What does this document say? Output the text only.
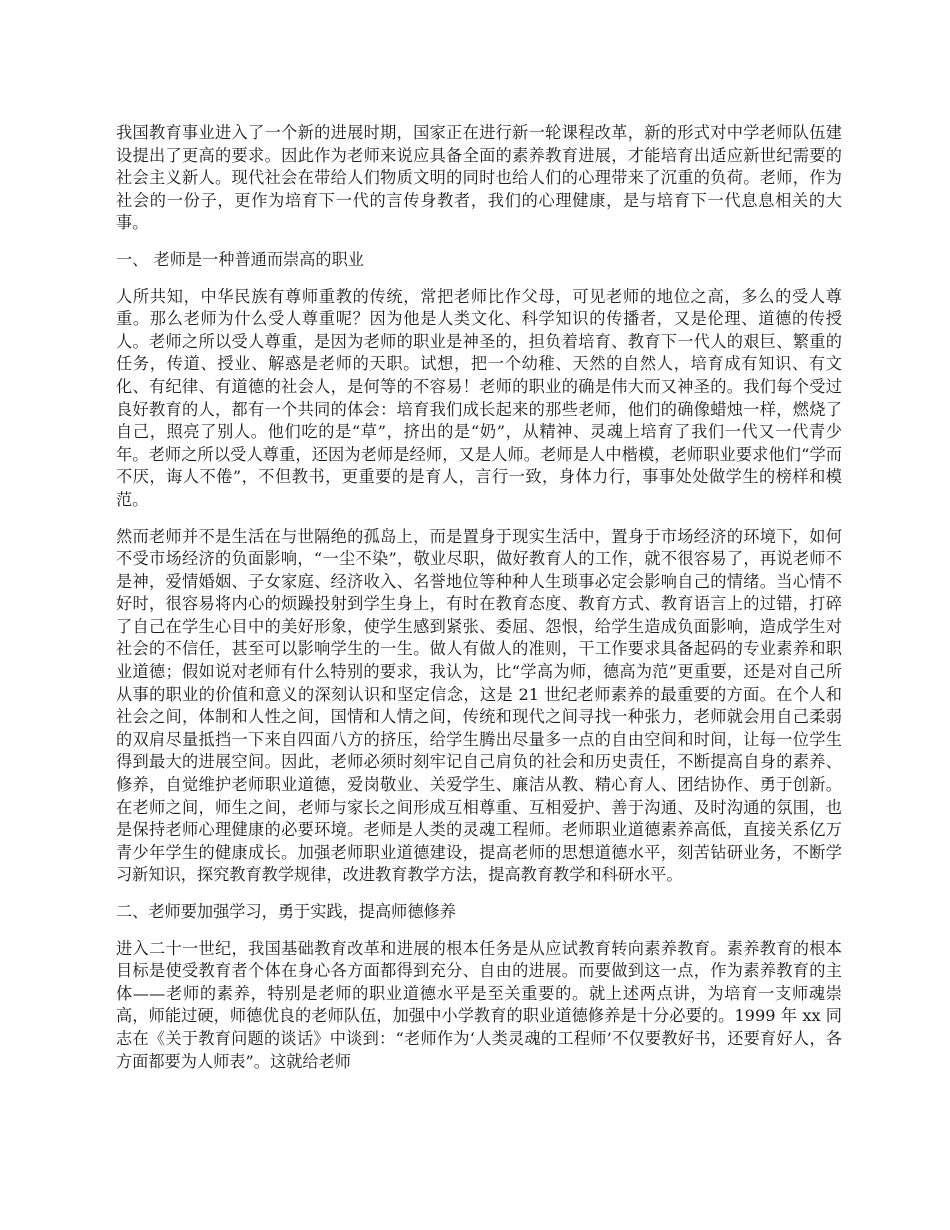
我国教育事业进入了一个新的进展时期，国家正在进行新一轮课程改革，新的形式对中学老师队伍建设提出了更高的要求。因此作为老师来说应具备全面的素养教育进展，才能培育出适应新世纪需要的社会主义新人。现代社会在带给人们物质文明的同时也给人们的心理带来了沉重的负荷。老师，作为社会的一份子，更作为培育下一代的言传身教者，我们的心理健康，是与培育下一代息息相关的大事。

一、 老师是一种普通而崇高的职业

人所共知，中华民族有尊师重教的传统，常把老师比作父母，可见老师的地位之高，多么的受人尊重。那么老师为什么受人尊重呢？因为他是人类文化、科学知识的传播者，又是伦理、道德的传授人。老师之所以受人尊重，是因为老师的职业是神圣的，担负着培育、教育下一代人的艰巨、繁重的任务，传道、授业、解惑是老师的天职。试想，把一个幼稚、天然的自然人，培育成有知识、有文化、有纪律、有道德的社会人，是何等的不容易！老师的职业的确是伟大而又神圣的。我们每个受过良好教育的人，都有一个共同的体会：培育我们成长起来的那些老师，他们的确像蜡烛一样，燃烧了自己，照亮了别人。他们吃的是“草”，挤出的是“奶”，从精神、灵魂上培育了我们一代又一代青少年。老师之所以受人尊重，还因为老师是经师，又是人师。老师是人中楷模，老师职业要求他们“学而不厌，诲人不倦”，不但教书，更重要的是育人，言行一致，身体力行，事事处处做学生的榜样和模范。

然而老师并不是生活在与世隔绝的孤岛上，而是置身于现实生活中，置身于市场经济的环境下，如何不受市场经济的负面影响，“一尘不染”，敬业尽职，做好教育人的工作，就不很容易了，再说老师不是神，爱情婚姻、子女家庭、经济收入、名誉地位等种种人生琐事必定会影响自己的情绪。当心情不好时，很容易将内心的烦躁投射到学生身上，有时在教育态度、教育方式、教育语言上的过错，打碎了自己在学生心目中的美好形象，使学生感到紧张、委屈、怨恨，给学生造成负面影响，造成学生对社会的不信任，甚至可以影响学生的一生。做人有做人的准则，干工作要求具备起码的专业素养和职业道德；假如说对老师有什么特别的要求，我认为，比“学高为师，德高为范”更重要，还是对自己所从事的职业的价值和意义的深刻认识和坚定信念，这是 21 世纪老师素养的最重要的方面。在个人和社会之间，体制和人性之间，国情和人情之间，传统和现代之间寻找一种张力，老师就会用自己柔弱的双肩尽量抵挡一下来自四面八方的挤压，给学生腾出尽量多一点的自由空间和时间，让每一位学生得到最大的进展空间。因此，老师必须时刻牢记自己肩负的社会和历史责任，不断提高自身的素养、修养，自觉维护老师职业道德，爱岗敬业、关爱学生、廉洁从教、精心育人、团结协作、勇于创新。在老师之间，师生之间，老师与家长之间形成互相尊重、互相爱护、善于沟通、及时沟通的氛围，也是保持老师心理健康的必要环境。老师是人类的灵魂工程师。老师职业道德素养高低，直接关系亿万青少年学生的健康成长。加强老师职业道德建设，提高老师的思想道德水平，刻苦钻研业务，不断学习新知识，探究教育教学规律，改进教育教学方法，提高教育教学和科研水平。

二、老师要加强学习，勇于实践，提高师德修养

进入二十一世纪，我国基础教育改革和进展的根本任务是从应试教育转向素养教育。素养教育的根本目标是使受教育者个体在身心各方面都得到充分、自由的进展。而要做到这一点，作为素养教育的主体——老师的素养，特别是老师的职业道德水平是至关重要的。就上述两点讲，为培育一支师魂崇高，师能过硬，师德优良的老师队伍，加强中小学教育的职业道德修养是十分必要的。1999 年 xx 同志在《关于教育问题的谈话》中谈到：“老师作为‘人类灵魂的工程师’不仅要教好书，还要育好人，各方面都要为人师表”。这就给老师
